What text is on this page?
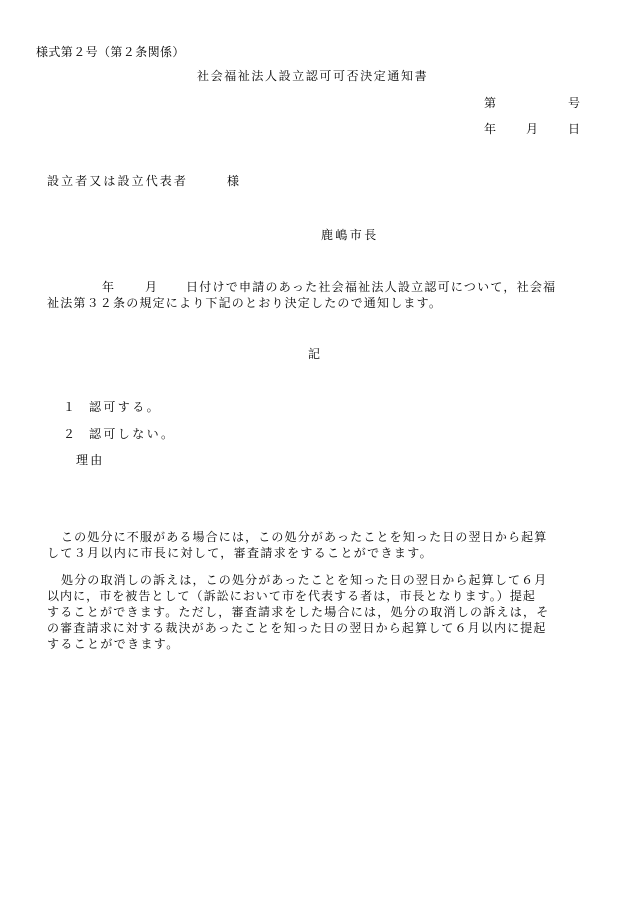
様式第２号（第２条関係）
社会福祉法人設立認可可否決定通知書
第	号
年 月 日
設立者又は設立代表者	様
鹿嶋市長
年	月 日付けで申請のあった社会福祉法人設立認可について，社会福
祉法第３２条の規定により下記のとおり決定したので通知します。
記
１ 認可する。
２ 認可しない。
理由
この処分に不服がある場合には，この処分があったことを知った日の翌日から起算
して３月以内に市長に対して，審査請求をすることができます。
処分の取消しの訴えは，この処分があったことを知った日の翌日から起算して６月
以内に，市を被告として（訴訟において市を代表する者は，市長となります。）提起
することができます。ただし，審査請求をした場合には，処分の取消しの訴えは，そ
の審査請求に対する裁決があったことを知った日の翌日から起算して６月以内に提起
することができます。
